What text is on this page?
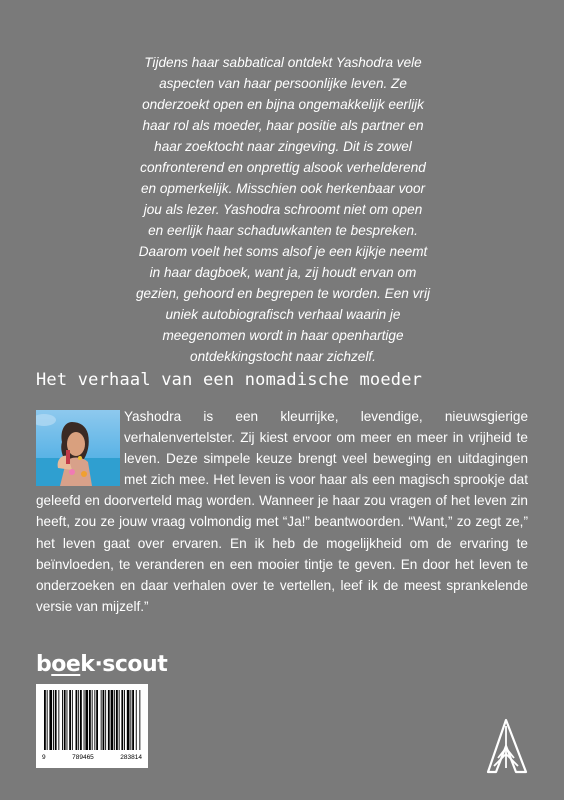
Tijdens haar sabbatical ontdekt Yashodra vele aspecten van haar persoonlijke leven. Ze onderzoekt open en bijna ongemakkelijk eerlijk haar rol als moeder, haar positie als partner en haar zoektocht naar zingeving. Dit is zowel confronterend en onprettig alsook verhelderend en opmerkelijk. Misschien ook herkenbaar voor jou als lezer. Yashodra schroomt niet om open en eerlijk haar schaduwkanten te bespreken. Daarom voelt het soms alsof je een kijkje neemt in haar dagboek, want ja, zij houdt ervan om gezien, gehoord en begrepen te worden. Een vrij uniek autobiografisch verhaal waarin je meegenomen wordt in haar openhartige ontdekkingstocht naar zichzelf.

Het verhaal van een nomadische moeder

Yashodra is een kleurrijke, levendige, nieuwsgierige verhalenvertelster. Zij kiest ervoor om meer en meer in vrijheid te leven. Deze simpele keuze brengt veel beweging en uitdagingen met zich mee. Het leven is voor haar als een magisch sprookje dat geleefd en doorverteld mag worden. Wanneer je haar zou vragen of het leven zin heeft, zou ze jouw vraag volmondig met “Ja!” beantwoorden. “Want,” zo zegt ze,” het leven gaat over ervaren. En ik heb de mogelijkheid om de ervaring te beïnvloeden, te veranderen en een mooier tintje te geven. En door het leven te onderzoeken en daar verhalen over te vertellen, leef ik de meest sprankelende versie van mijzelf.”

boek·scout
9	789465	283814
